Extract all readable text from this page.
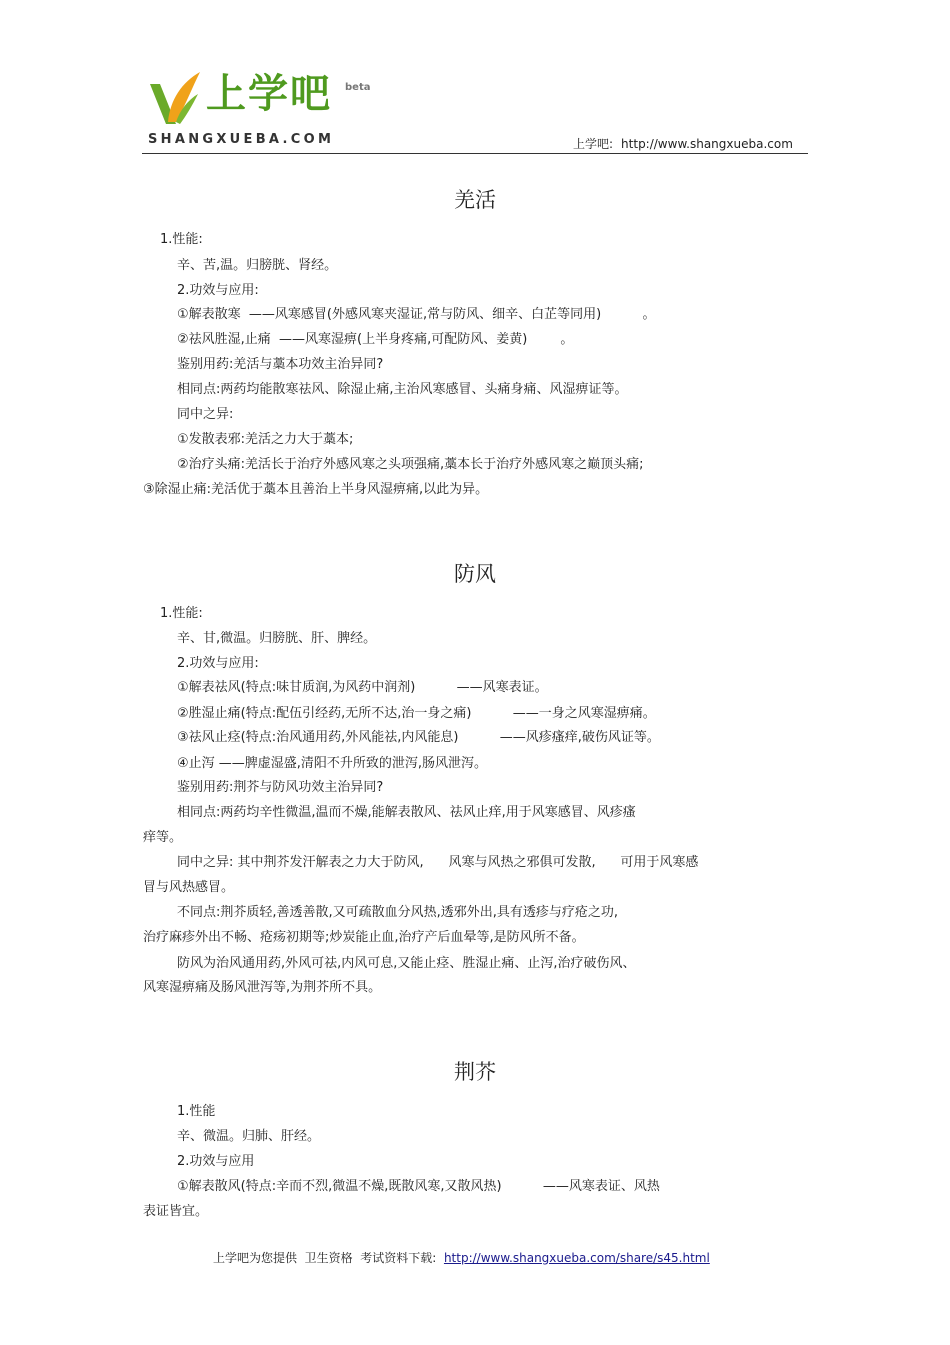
上学吧 beta
SHANGXUEBA.COM	上学吧: http://www.shangxueba.com
羌活
1.性能:
辛、苦,温。归膀胱、肾经。
2.功效与应用:
①解表散寒  ——风寒感冒(外感风寒夹湿证,常与防风、细辛、白芷等同用)          。
②祛风胜湿,止痛  ——风寒湿痹(上半身疼痛,可配防风、姜黄)        。
鉴别用药:羌活与藁本功效主治异同?
相同点:两药均能散寒祛风、除湿止痛,主治风寒感冒、头痛身痛、风湿痹证等。
同中之异:
①发散表邪:羌活之力大于藁本;
②治疗头痛:羌活长于治疗外感风寒之头项强痛,藁本长于治疗外感风寒之巅顶头痛;
③除湿止痛:羌活优于藁本且善治上半身风湿痹痛,以此为异。
防风
1.性能:
辛、甘,微温。归膀胱、肝、脾经。
2.功效与应用:
①解表祛风(特点:味甘质润,为风药中润剂)          ——风寒表证。
②胜湿止痛(特点:配伍引经药,无所不达,治一身之痛)          ——一身之风寒湿痹痛。
③祛风止痉(特点:治风通用药,外风能祛,内风能息)          ——风疹瘙痒,破伤风证等。
④止泻 ——脾虚湿盛,清阳不升所致的泄泻,肠风泄泻。
鉴别用药:荆芥与防风功效主治异同?
相同点:两药均辛性微温,温而不燥,能解表散风、祛风止痒,用于风寒感冒、风疹瘙
痒等。
同中之异: 其中荆芥发汗解表之力大于防风,      风寒与风热之邪俱可发散,      可用于风寒感
冒与风热感冒。
不同点:荆芥质轻,善透善散,又可疏散血分风热,透邪外出,具有透疹与疗疮之功,
治疗麻疹外出不畅、疮疡初期等;炒炭能止血,治疗产后血晕等,是防风所不备。
防风为治风通用药,外风可祛,内风可息,又能止痉、胜湿止痛、止泻,治疗破伤风、
风寒湿痹痛及肠风泄泻等,为荆芥所不具。
荆芥
1.性能
辛、微温。归肺、肝经。
2.功效与应用
①解表散风(特点:辛而不烈,微温不燥,既散风寒,又散风热)          ——风寒表证、风热
表证皆宜。
上学吧为您提供  卫生资格  考试资料下载:  http://www.shangxueba.com/share/s45.html
